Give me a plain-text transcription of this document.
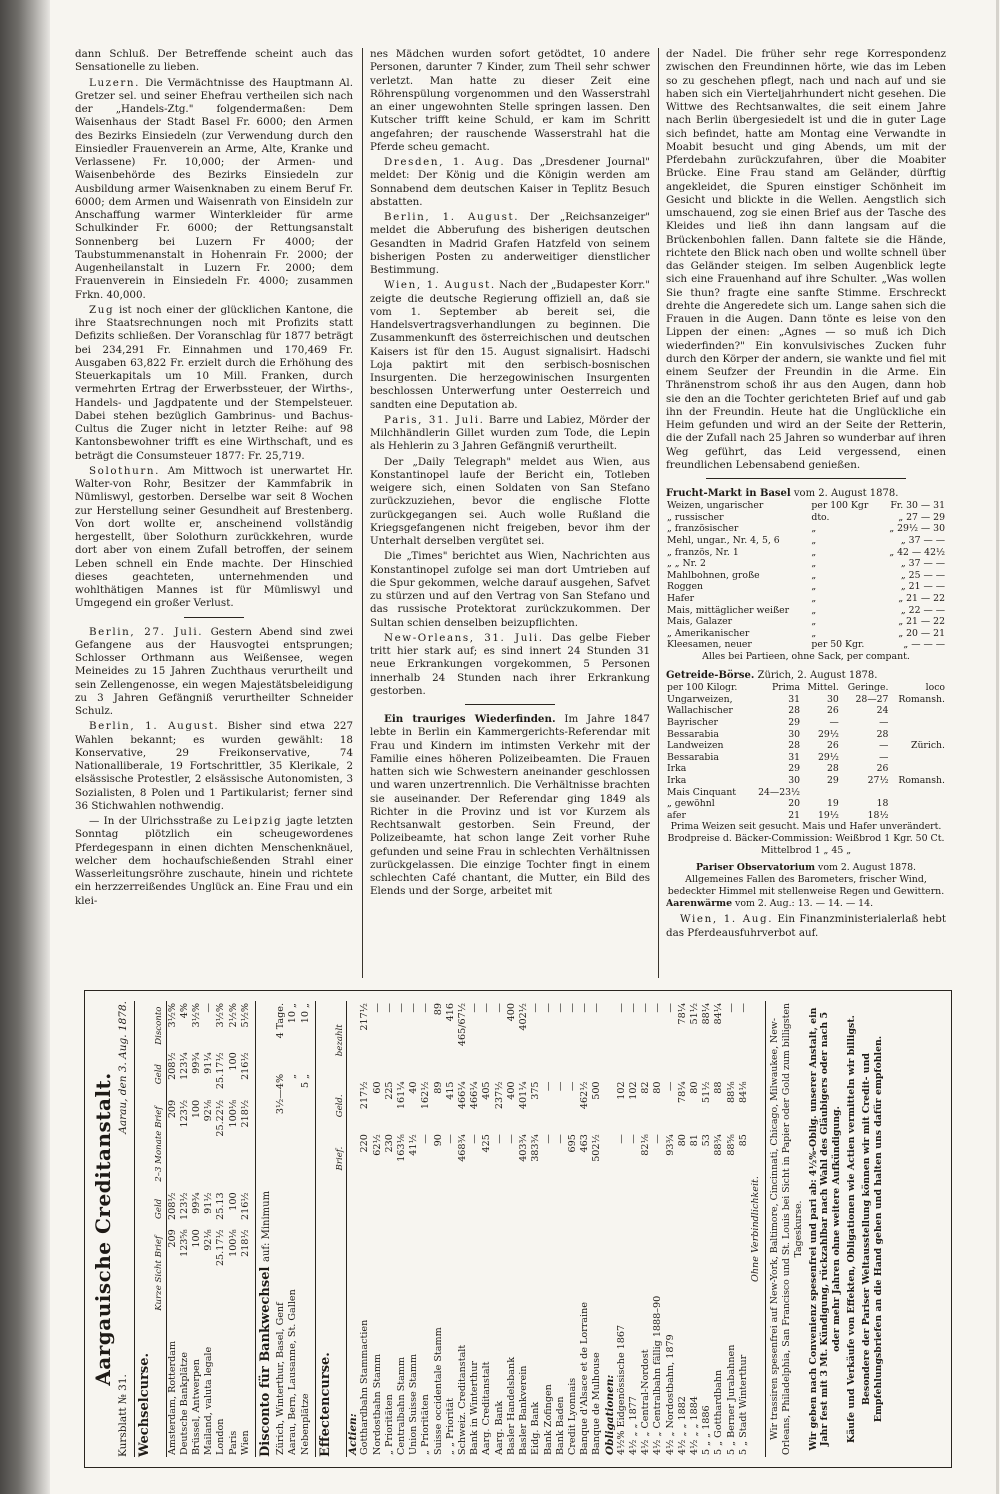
dann Schluß. Der Betreffende scheint auch das Sensationelle zu lieben.

Luzern. Die Vermächtnisse des Hauptmann Al. Gretzer sel. und seiner Ehefrau vertheilen sich nach der „Handels-Ztg." folgendermaßen: Dem Waisenhaus der Stadt Basel Fr. 6000; den Armen des Bezirks Einsiedeln (zur Verwendung durch den Einsiedler Frauenverein an Arme, Alte, Kranke und Verlassene) Fr. 10,000; der Armen- und Waisenbehörde des Bezirks Einsiedeln zur Ausbildung armer Waisenknaben zu einem Beruf Fr. 6000; dem Armen und Waisenrath von Einsideln zur Anschaffung warmer Winterkleider für arme Schulkinder Fr. 6000; der Rettungsanstalt Sonnenberg bei Luzern Fr 4000; der Taubstummenanstalt in Hohenrain Fr. 2000; der Augenheilanstalt in Luzern Fr. 2000; dem Frauenverein in Einsiedeln Fr. 4000; zusammen Frkn. 40,000.

Zug ist noch einer der glücklichen Kantone, die ihre Staatsrechnungen noch mit Profizits statt Defizits schließen. Der Voranschlag für 1877 beträgt bei 234,291 Fr. Einnahmen und 170,469 Fr. Ausgaben 63,822 Fr. erzielt durch die Erhöhung des Steuerkapitals um 10 Mill. Franken, durch vermehrten Ertrag der Erwerbssteuer, der Wirths-, Handels- und Jagdpatente und der Stempelsteuer. Dabei stehen bezüglich Gambrinus- und Bachus-Cultus die Zuger nicht in letzter Reihe: auf 98 Kantonsbewohner trifft es eine Wirthschaft, und es beträgt die Consumsteuer 1877: Fr. 25,719.

Solothurn. Am Mittwoch ist unerwartet Hr. Walter-von Rohr, Besitzer der Kammfabrik in Nümliswyl, gestorben. Derselbe war seit 8 Wochen zur Herstellung seiner Gesundheit auf Brestenberg. Von dort wollte er, anscheinend vollständig hergestellt, über Solothurn zurückkehren, wurde dort aber von einem Zufall betroffen, der seinem Leben schnell ein Ende machte. Der Hinschied dieses geachteten, unternehmenden und wohlthätigen Mannes ist für Mümliswyl und Umgegend ein großer Verlust.

Berlin, 27. Juli. Gestern Abend sind zwei Gefangene aus der Hausvogtei entsprungen; Schlosser Orthmann aus Weißensee, wegen Meineides zu 15 Jahren Zuchthaus verurtheilt und sein Zellengenosse, ein wegen Majestätsbeleidigung zu 3 Jahren Gefängniß verurtheilter Schneider Schulz.

Berlin, 1. August. Bisher sind etwa 227 Wahlen bekannt; es wurden gewählt: 18 Konservative, 29 Freikonservative, 74 Nationalliberale, 19 Fortschrittler, 35 Klerikale, 2 elsässische Protestler, 2 elsässische Autonomisten, 3 Sozialisten, 8 Polen und 1 Partikularist; ferner sind 36 Stichwahlen nothwendig.

— In der Ulrichsstraße zu Leipzig jagte letzten Sonntag plötzlich ein scheugewordenes Pferdegespann in einen dichten Menschenknäuel, welcher dem hochaufschießenden Strahl einer Wasserleitungsröhre zuschaute, hinein und richtete ein herzzerreißendes Unglück an. Eine Frau und ein klei-

nes Mädchen wurden sofort getödtet, 10 andere Personen, darunter 7 Kinder, zum Theil sehr schwer verletzt. Man hatte zu dieser Zeit eine Röhrenspülung vorgenommen und den Wasserstrahl an einer ungewohnten Stelle springen lassen. Den Kutscher trifft keine Schuld, er kam im Schritt angefahren; der rauschende Wasserstrahl hat die Pferde scheu gemacht.

Dresden, 1. Aug. Das „Dresdener Journal" meldet: Der König und die Königin werden am Sonnabend dem deutschen Kaiser in Teplitz Besuch abstatten.

Berlin, 1. August. Der „Reichsanzeiger" meldet die Abberufung des bisherigen deutschen Gesandten in Madrid Grafen Hatzfeld von seinem bisherigen Posten zu anderweitiger dienstlicher Bestimmung.

Wien, 1. August. Nach der „Budapester Korr." zeigte die deutsche Regierung offiziell an, daß sie vom 1. September ab bereit sei, die Handelsvertragsverhandlungen zu beginnen. Die Zusammenkunft des österreichischen und deutschen Kaisers ist für den 15. August signalisirt. Hadschi Loja paktirt mit den serbisch-bosnischen Insurgenten. Die herzegowinischen Insurgenten beschlossen Unterwerfung unter Oesterreich und sandten eine Deputation ab.

Paris, 31. Juli. Barre und Labiez, Mörder der Milchhändlerin Gillet wurden zum Tode, die Lepin als Hehlerin zu 3 Jahren Gefängniß verurtheilt.

Der „Daily Telegraph" meldet aus Wien, aus Konstantinopel laufe der Bericht ein, Totleben weigere sich, einen Soldaten von San Stefano zurückzuziehen, bevor die englische Flotte zurückgegangen sei. Auch wolle Rußland die Kriegsgefangenen nicht freigeben, bevor ihm der Unterhalt derselben vergütet sei.

Die „Times" berichtet aus Wien, Nachrichten aus Konstantinopel zufolge sei man dort Umtrieben auf die Spur gekommen, welche darauf ausgehen, Safvet zu stürzen und auf den Vertrag von San Stefano und das russische Protektorat zurückzukommen. Der Sultan schien denselben beizupflichten.

New-Orleans, 31. Juli. Das gelbe Fieber tritt hier stark auf; es sind innert 24 Stunden 31 neue Erkrankungen vorgekommen, 5 Personen innerhalb 24 Stunden nach ihrer Erkrankung gestorben.

Ein trauriges Wiederfinden. Im Jahre 1847 lebte in Berlin ein Kammergerichts-Referendar mit Frau und Kindern im intimsten Verkehr mit der Familie eines höheren Polizeibeamten. Die Frauen hatten sich wie Schwestern aneinander geschlossen und waren unzertrennlich. Die Verhältnisse brachten sie auseinander. Der Referendar ging 1849 als Richter in die Provinz und ist vor Kurzem als Rechtsanwalt gestorben. Sein Freund, der Polizeibeamte, hat schon lange Zeit vorher Ruhe gefunden und seine Frau in schlechten Verhältnissen zurückgelassen. Die einzige Tochter fingt in einem schlechten Café chantant, die Mutter, ein Bild des Elends und der Sorge, arbeitet mit

der Nadel. Die früher sehr rege Korrespondenz zwischen den Freundinnen hörte, wie das im Leben so zu geschehen pflegt, nach und nach auf und sie haben sich ein Vierteljahrhundert nicht gesehen. Die Wittwe des Rechtsanwaltes, die seit einem Jahre nach Berlin übergesiedelt ist und die in guter Lage sich befindet, hatte am Montag eine Verwandte in Moabit besucht und ging Abends, um mit der Pferdebahn zurückzufahren, über die Moabiter Brücke. Eine Frau stand am Geländer, dürftig angekleidet, die Spuren einstiger Schönheit im Gesicht und blickte in die Wellen. Aengstlich sich umschauend, zog sie einen Brief aus der Tasche des Kleides und ließ ihn dann langsam auf die Brückenbohlen fallen. Dann faltete sie die Hände, richtete den Blick nach oben und wollte schnell über das Geländer steigen. Im selben Augenblick legte sich eine Frauenhand auf ihre Schulter. „Was wollen Sie thun? fragte eine sanfte Stimme. Erschreckt drehte die Angeredete sich um. Lange sahen sich die Frauen in die Augen. Dann tönte es leise von den Lippen der einen: „Agnes — so muß ich Dich wiederfinden?" Ein konvulsivisches Zucken fuhr durch den Körper der andern, sie wankte und fiel mit einem Seufzer der Freundin in die Arme. Ein Thränenstrom schoß ihr aus den Augen, dann hob sie den an die Tochter gerichteten Brief auf und gab ihn der Freundin. Heute hat die Unglückliche ein Heim gefunden und wird an der Seite der Retterin, die der Zufall nach 25 Jahren so wunderbar auf ihren Weg geführt, das Leid vergessend, einen freundlichen Lebensabend genießen.

Frucht-Markt in Basel vom 2. August 1878.
Weizen, ungarischer	per 100 Kgr	Fr. 30 — 31
„ russischer	dto.	„ 27 — 29
„ französischer	„	„ 29½ — 30
Mehl, ungar., Nr. 4, 5, 6	„	„ 37 — —
„ französ, Nr. 1	„	„ 42 — 42½
„ „ Nr. 2	„	„ 37 — —
Mahlbohnen, große	„	„ 25 — —
Roggen	„	„ 21 — —
Hafer	„	„ 21 — 22
Mais, mittäglicher weißer	„	„ 22 — —
Mais, Galazer	„	„ 21 — 22
„ Amerikanischer	„	„ 20 — 21
Kleesamen, neuer	per 50 Kgr.	„ — — —
Alles bei Partieen, ohne Sack, per compant.
Getreide-Börse. Zürich, 2. August 1878.
per 100 Kilogr.	Prima	Mittel.	Geringe.	loco
Ungarweizen,	31	30	28—27	Romansh.
Wallachischer	28	26	24	
Bayrischer	29	—	—	
Bessarabia	30	29½	28	
Landweizen	28	26	—	Zürich.
Bessarabia	31	29½	—	
Irka	29	28	26	
Irka	30	29	27½	Romansh.
Mais Cinquant	24—23½			
„ gewöhnl	20	19	18	
afer	21	19½	18½	
Prima Weizen seit gesucht. Mais und Hafer unverändert.
Brodpreise d. Bäcker-Commission: Weißbrod 1 Kgr. 50 Ct. Mittelbrod 1 „ 45 „
Pariser Observatorium vom 2. August 1878.
Allgemeines Fallen des Barometers, frischer Wind, bedeckter Himmel mit stellenweise Regen und Gewittern.
Aarenwärme vom 2. Aug.: 13. — 14. — 14.

Wien, 1. Aug. Ein Finanzministerialerlaß hebt das Pferdeausfuhrverbot auf.

Aargauische Creditanstalt.
Kursblatt № 31.
Aarau, den 3. Aug. 1878.
Wechselcurse.
	Kurze Sicht Brief	Geld	2–3 Monate Brief	Geld	Disconto
Amsterdam, Rotterdam	209	208½	209	208½	3½%
Deutsche Bankplätze	123⅝	123½	123½	123¼	4%
Brüssel, Antwerpen	100	99¾	100	99¾	3½%
Mailand, valuta legale	92⅛	91½	92⅛	91¼	—
London	25.17½	25.13	25.22½	25.17½	3½%
Paris	100⅛	100	100⅛	100	2½%
Wien	218½	216½	218½	216½	5½%
Disconto für Bankwechsel auf: Minimum
Zürich, Winterthur, Basel, Genf	3½—4%	4 Tage.
Aarau, Bern, Lausanne, St. Gallen	„	10 „
Nebenplätze	5 „	10 „
Effectencurse.
	Brief.	Geld.	bezahlt
Actien:			
Gotthardbahn Stammactien	220	217½	217½
Nordostbahn Stamm	62½	60	—
„ Prioritäten	230	225	—
Centralbahn Stamm	163⅛	161¼	—
Union Suisse Stamm	41½	40	—
„ Prioritäten	—	162½	—
Suisse occidentale Stamm	90	89	89
„ „ Priorität	—	415	416
Schweiz. Creditanstalt	468¾	466¼	465/67½
Bank in Winterthur	—	466¼	—
Aarg. Creditanstalt	425	405	—
Aarg. Bank	—	237½	—
Basler Handelsbank	—	400	400
Basler Bankverein	403¾	401¼	402½
Eidg. Bank	383¾	375	—
Bank Zofingen	—	—	—
Bank Baden	—	—	—
Credit Lyonnais	695	—	—
Banque d'Alsace et de Lorraine	463	462½	—
Banque de Mulhouse	502½	500	—
Obligationen:			
4½% Eidgenössische 1867	—	102	—
4½ „ „ 1877	—	102	—
4½ „ Central-Nordost	82⅛	82	—
4½ „ Centralbahn fällig 1888–90	—	80	—
4½ „ Nordostbahn, 1879	93¾	—	—
4½ „ „ 1882	80	78¼	78¼
4½ „ „ 1884	81	80	51½
5 „ „ 1886	53	51½	88¼
5 „ Gotthardbahn	88¾	88	84¼
5 „ Berner Jurabahnen	88⅝	88⅛	—
5 „ Stadt Winterthur	85	84⅛	—
Ohne Verbindlichkeit.			Wir trassiren spesenfrei auf New-York, Baltimore, Cincinnati, Chicago, Milwaukee, New-Orleans, Philadelphia, San Francisco und St. Louis bei Sicht in Papier oder Gold zum billigsten Tageskurse. Wir geben nach Convenienz spesenfrei und pari ab: 4½%-Oblig. unserer Anstalt, ein Jahr fest mit 3 Mt. Kündigung, rückzahlbar nach Wahl des Gläubigers oder nach 5 oder mehr Jahren ohne weitere Aufkündigung. Käufe und Verkäufe von Effekten, Obligationen wie Actien vermitteln wir billigst. Besondere der Pariser Weltausstellung können wir mit Credit- und Empfehlungsbriefen an die Hand gehen und halten uns dafür empfohlen.
